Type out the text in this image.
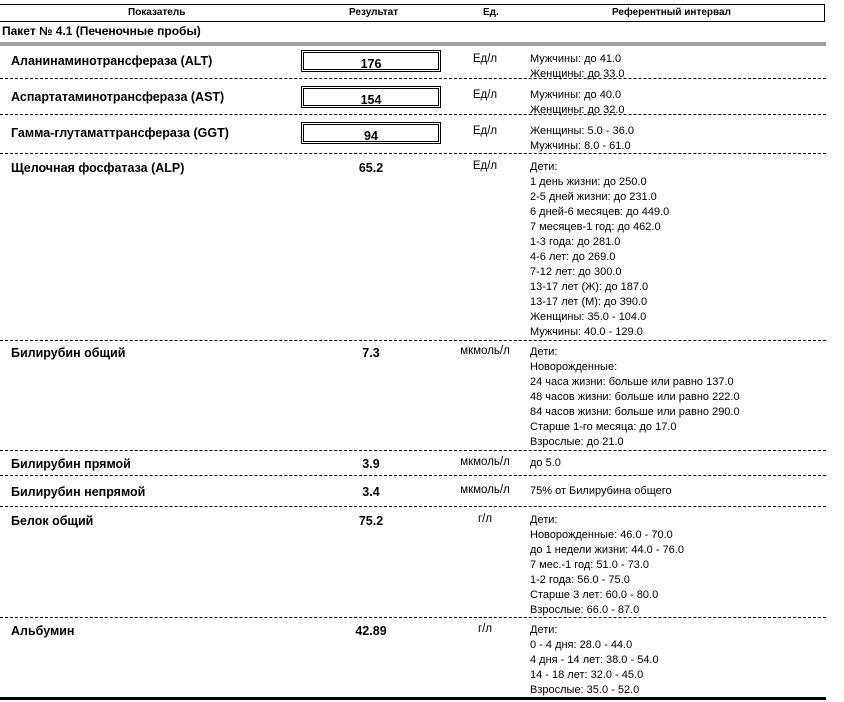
Показатель	Результат	Ед.	Референтный интервал
Пакет № 4.1 (Печеночные пробы)
Аланинаминотрансфераза (ALT)	176	Ед/л	Мужчины: до 41.0
Женщины: до 33.0
Аспартатаминотрансфераза (AST)	154	Ед/л	Мужчины: до 40.0
Женщины: до 32.0
Гамма-глутаматтрансфераза (GGT)	94	Ед/л	Женщины: 5.0 - 36.0
Мужчины: 8.0 - 61.0
Щелочная фосфатаза (ALP)	65.2	Ед/л	Дети:
1 день жизни: до 250.0
2-5 дней жизни: до 231.0
6 дней-6 месяцев: до 449.0
7 месяцев-1 год: до 462.0
1-3 года: до 281.0
4-6 лет: до 269.0
7-12 лет: до 300.0
13-17 лет (Ж): до 187.0
13-17 лет (М): до 390.0
Женщины: 35.0 - 104.0
Мужчины: 40.0 - 129.0
Билирубин общий	7.3	мкмоль/л	Дети:
Новорожденные:
24 часа жизни: больше или равно 137.0
48 часов жизни: больше или равно 222.0
84 часов жизни: больше или равно 290.0
Старше 1-го месяца: до 17.0
Взрослые: до 21.0
Билирубин прямой	3.9	мкмоль/л	до 5.0
Билирубин непрямой	3.4	мкмоль/л	75% от Билирубина общего
Белок общий	75.2	г/л	Дети:
Новорожденные: 46.0 - 70.0
до 1 недели жизни: 44.0 - 76.0
7 мес.-1 год: 51.0 - 73.0
1-2 года: 56.0 - 75.0
Старше 3 лет: 60.0 - 80.0
Взрослые: 66.0 - 87.0
Альбумин	42.89	г/л	Дети:
0 - 4 дня: 28.0 - 44.0
4 дня - 14 лет: 38.0 - 54.0
14 - 18 лет: 32.0 - 45.0
Взрослые: 35.0 - 52.0
